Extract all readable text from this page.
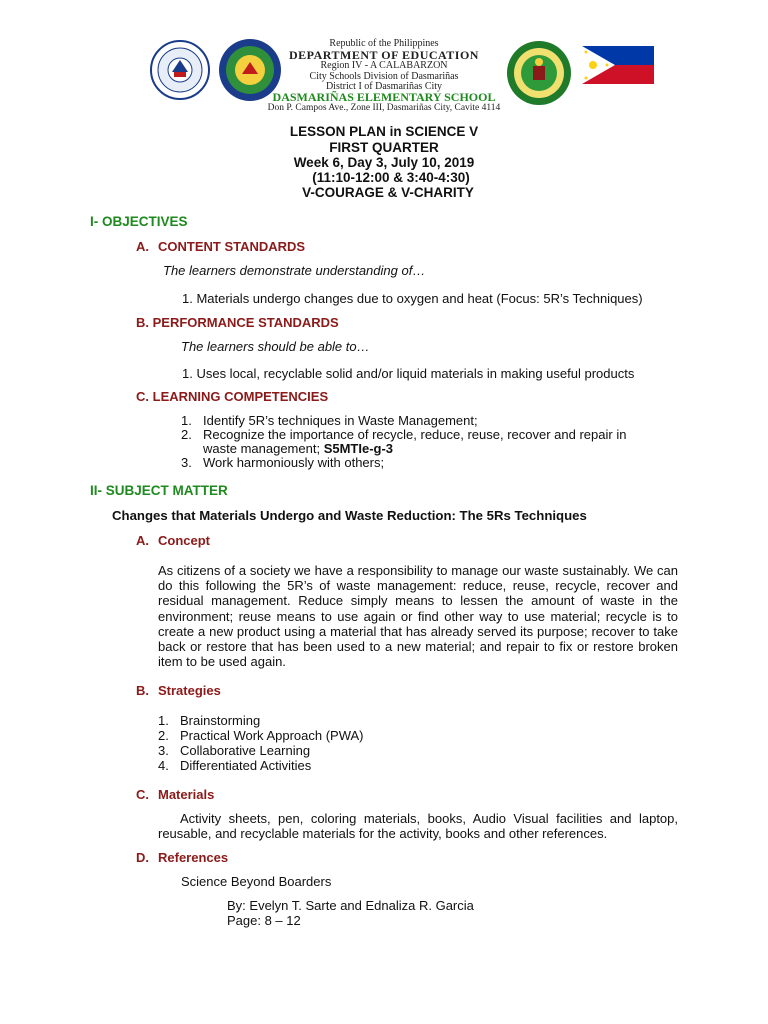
Republic of the Philippines
DEPARTMENT OF EDUCATION
Region IV - A CALABARZON
City Schools Division of Dasmariñas
District I of Dasmariñas City
DASMARIÑAS ELEMENTARY SCHOOL
Don P. Campos Ave., Zone III, Dasmariñas City, Cavite 4114
LESSON PLAN in SCIENCE V
FIRST QUARTER
Week 6, Day 3, July 10, 2019
(11:10-12:00 & 3:40-4:30)
V-COURAGE & V-CHARITY
I- OBJECTIVES
A. CONTENT STANDARDS
The learners demonstrate understanding of…
1. Materials undergo changes due to oxygen and heat (Focus: 5R’s Techniques)
B. PERFORMANCE STANDARDS
The learners should be able to…
1. Uses local, recyclable solid and/or liquid materials in making useful products
C. LEARNING COMPETENCIES
1. Identify 5R’s techniques in Waste Management;
2. Recognize the importance of recycle, reduce, reuse, recover and repair in
waste management; S5MTIe-g-3
3. Work harmoniously with others;
II- SUBJECT MATTER
Changes that Materials Undergo and Waste Reduction: The 5Rs Techniques
A. Concept
As citizens of a society we have a responsibility to manage our waste sustainably. We can do this following the 5R’s of waste management: reduce, reuse, recycle, recover and residual management. Reduce simply means to lessen the amount of waste in the environment; reuse means to use again or find other way to use material; recycle is to create a new product using a material that has already served its purpose; recover to take back or restore that has been used to a new material; and repair to fix or restore broken item to be used again.
B. Strategies
1. Brainstorming
2. Practical Work Approach (PWA)
3. Collaborative Learning
4. Differentiated Activities
C. Materials
Activity sheets, pen, coloring materials, books, Audio Visual facilities and laptop, reusable, and recyclable materials for the activity, books and other references.
D. References
Science Beyond Boarders
By: Evelyn T. Sarte and Ednaliza R. Garcia
Page: 8 – 12
